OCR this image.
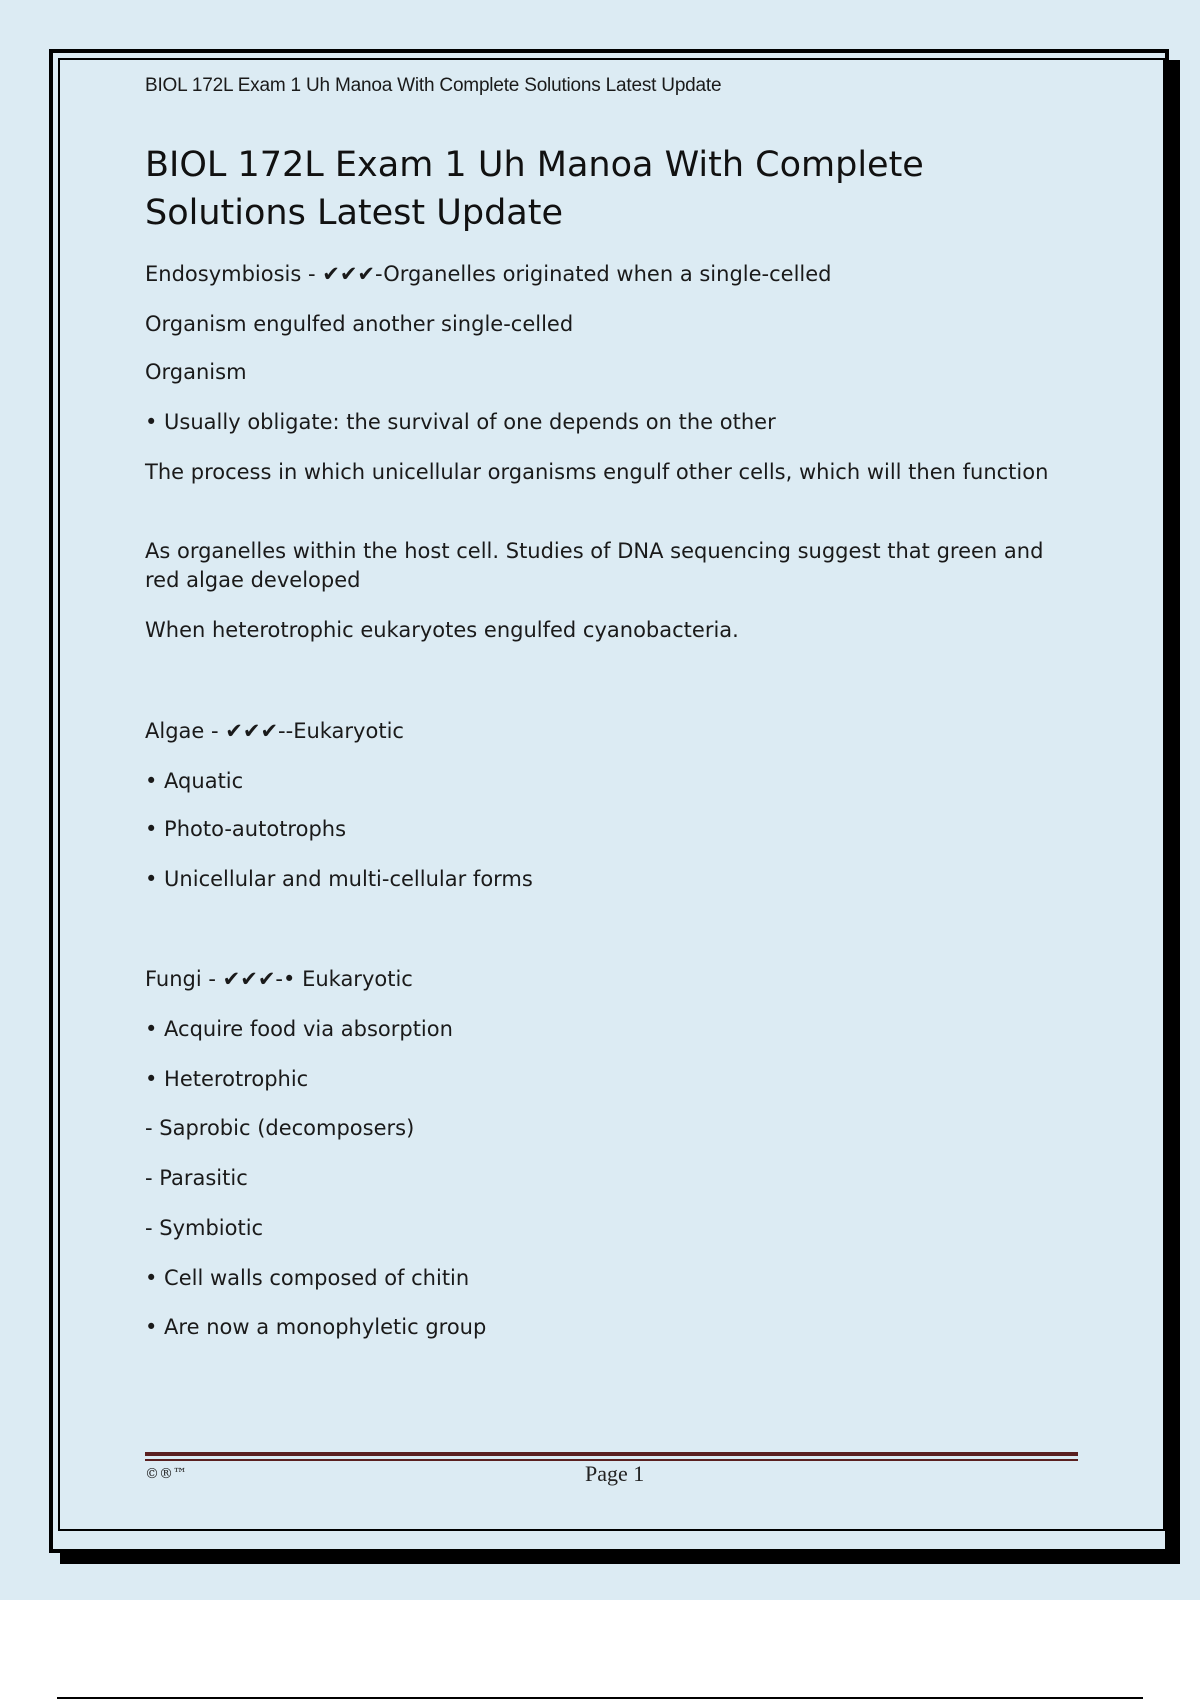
BIOL 172L Exam 1 Uh Manoa With Complete Solutions Latest Update
BIOL 172L Exam 1 Uh Manoa With Complete Solutions Latest Update
Endosymbiosis - ✔✔✔-Organelles originated when a single-celled
Organism engulfed another single-celled
Organism
• Usually obligate: the survival of one depends on the other
The process in which unicellular organisms engulf other cells, which will then function
As organelles within the host cell. Studies of DNA sequencing suggest that green and red algae developed
When heterotrophic eukaryotes engulfed cyanobacteria.
Algae - ✔✔✔--Eukaryotic
• Aquatic
• Photo-autotrophs
• Unicellular and multi-cellular forms
Fungi - ✔✔✔-• Eukaryotic
• Acquire food via absorption
• Heterotrophic
- Saprobic (decomposers)
- Parasitic
- Symbiotic
• Cell walls composed of chitin
• Are now a monophyletic group
©®™	Page 1
